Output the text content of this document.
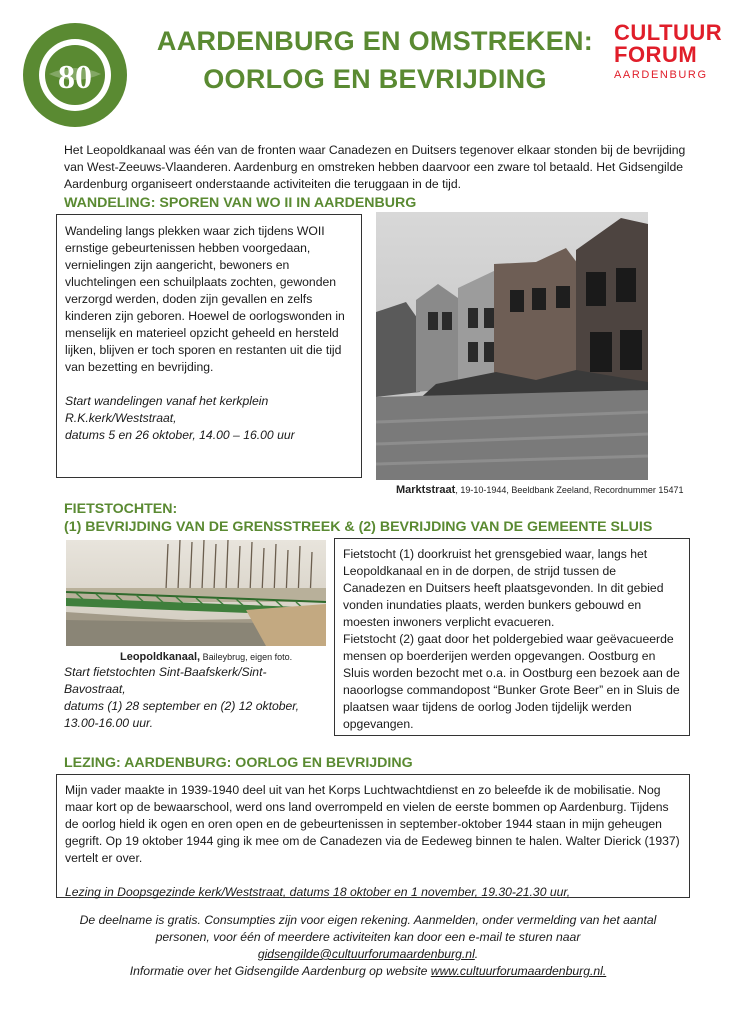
80
AARDENBURG EN OMSTREKEN:
OORLOG EN BEVRIJDING
CULTUUR
FORUM
AARDENBURG
Het Leopoldkanaal was één van de fronten waar Canadezen en Duitsers tegenover elkaar stonden bij de bevrijding van West-Zeeuws-Vlaanderen. Aardenburg en omstreken hebben daarvoor een zware tol betaald. Het Gidsengilde Aardenburg organiseert onderstaande activiteiten die teruggaan in de tijd.
WANDELING: SPOREN VAN WO II IN AARDENBURG

Wandeling langs plekken waar zich tijdens WOII ernstige gebeurtenissen hebben voorgedaan, vernielingen zijn aangericht, bewoners en vluchtelingen een schuilplaats zochten, gewonden verzorgd werden, doden zijn gevallen en zelfs kinderen zijn geboren. Hoewel de oorlogswonden in menselijk en materieel opzicht geheeld en hersteld lijken, blijven er toch sporen en restanten uit die tijd van bezetting en bevrijding.

Start wandelingen vanaf het kerkplein

R.K.kerk/Weststraat,

datums 5 en 26 oktober, 14.00 – 16.00 uur

Marktstraat, 19-10-1944, Beeldbank Zeeland, Recordnummer 15471
FIETSTOCHTEN:
(1) BEVRIJDING VAN DE GRENSSTREEK & (2) BEVRIJDING VAN DE GEMEENTE SLUIS
Leopoldkanaal, Baileybrug, eigen foto.
Start fietstochten Sint-Baafskerk/Sint-
Bavostraat,
datums (1) 28 september en (2) 12 oktober,
13.00-16.00 uur.

Fietstocht (1) doorkruist het grensgebied waar, langs het Leopoldkanaal en in de dorpen, de strijd tussen de Canadezen en Duitsers heeft plaatsgevonden. In dit gebied vonden inundaties plaats, werden bunkers gebouwd en moesten inwoners verplicht evacueren.

Fietstocht (2) gaat door het poldergebied waar geëvacueerde mensen op boerderijen werden opgevangen. Oostburg en Sluis worden bezocht met o.a. in Oostburg een bezoek aan de naoorlogse commandopost “Bunker Grote Beer” en in Sluis de plaatsen waar tijdens de oorlog Joden tijdelijk werden opgevangen.

LEZING: AARDENBURG: OORLOG EN BEVRIJDING

Mijn vader maakte in 1939-1940 deel uit van het Korps Luchtwachtdienst en zo beleefde ik de mobilisatie. Nog maar kort op de bewaarschool, werd ons land overrompeld en vielen de eerste bommen op Aardenburg. Tijdens de oorlog hield ik ogen en oren open en de gebeurtenissen in september-oktober 1944 staan in mijn geheugen gegrift. Op 19 oktober 1944 ging ik mee om de Canadezen via de Eedeweg binnen te halen. Walter Dierick (1937) vertelt er over.

Lezing in Doopsgezinde kerk/Weststraat, datums 18 oktober en 1 november, 19.30-21.30 uur,

De deelname is gratis. Consumpties zijn voor eigen rekening. Aanmelden, onder vermelding van het aantal
personen, voor één of meerdere activiteiten kan door een e-mail te sturen naar
gidsengilde@cultuurforumaardenburg.nl.
Informatie over het Gidsengilde Aardenburg op website www.cultuurforumaardenburg.nl.
